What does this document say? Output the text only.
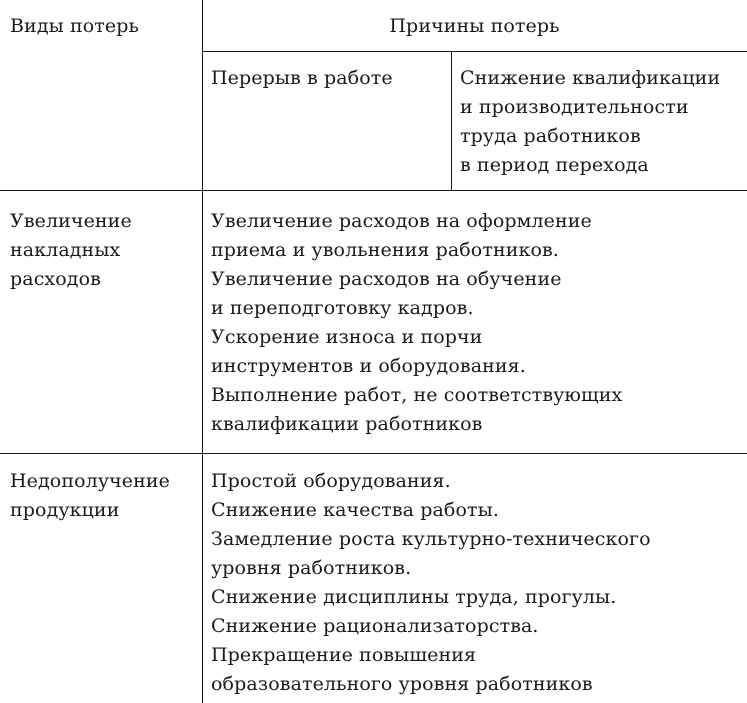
Виды потерь	Причины потерь
Перерыв в работе	Снижение квалификации
и производительности
труда работников
в период перехода
Увеличение
накладных
расходов
Увеличение расходов на оформление
приема и увольнения работников.
Увеличение расходов на обучение
и переподготовку кадров.
Ускорение износа и порчи
инструментов и оборудования.
Выполнение работ, не соответствующих
квалификации работников
Недополучение
продукции
Простой оборудования.
Снижение качества работы.
Замедление роста культурно-технического
уровня работников.
Снижение дисциплины труда, прогулы.
Снижение рационализаторства.
Прекращение повышения
образовательного уровня работников
